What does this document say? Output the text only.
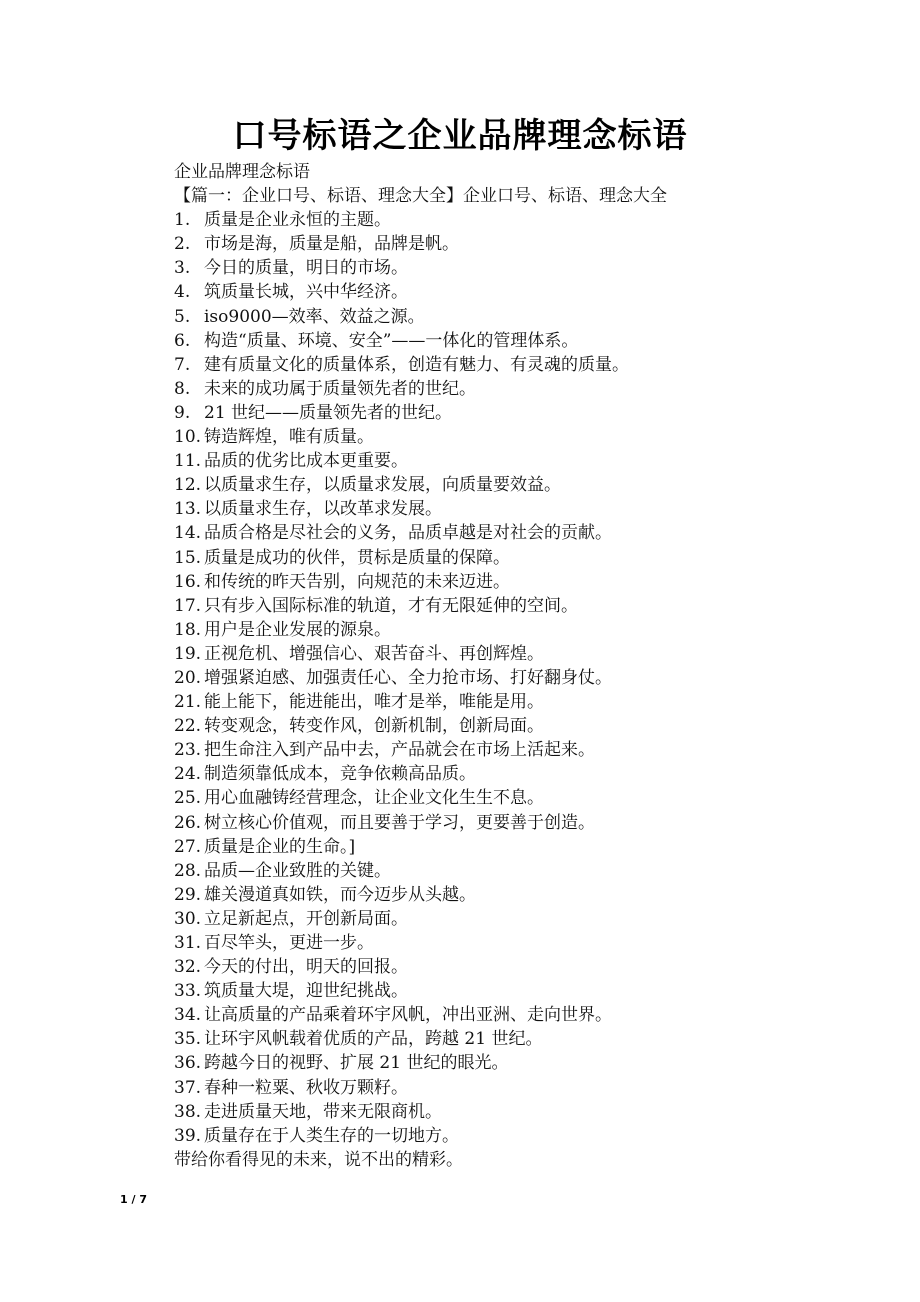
口号标语之企业品牌理念标语
企业品牌理念标语
【篇一：企业口号、标语、理念大全】企业口号、标语、理念大全
1. 质量是企业永恒的主题。
2. 市场是海，质量是船，品牌是帆。
3. 今日的质量，明日的市场。
4. 筑质量长城，兴中华经济。
5. iso9000—效率、效益之源。
6. 构造“质量、环境、安全”——一体化的管理体系。
7. 建有质量文化的质量体系，创造有魅力、有灵魂的质量。
8. 未来的成功属于质量领先者的世纪。
9. 21 世纪——质量领先者的世纪。
10. 铸造辉煌，唯有质量。
11. 品质的优劣比成本更重要。
12. 以质量求生存，以质量求发展，向质量要效益。
13. 以质量求生存，以改革求发展。
14. 品质合格是尽社会的义务，品质卓越是对社会的贡献。
15. 质量是成功的伙伴，贯标是质量的保障。
16. 和传统的昨天告别，向规范的未来迈进。
17. 只有步入国际标准的轨道，才有无限延伸的空间。
18. 用户是企业发展的源泉。
19. 正视危机、增强信心、艰苦奋斗、再创辉煌。
20. 增强紧迫感、加强责任心、全力抢市场、打好翻身仗。
21. 能上能下，能进能出，唯才是举，唯能是用。
22. 转变观念，转变作风，创新机制，创新局面。
23. 把生命注入到产品中去，产品就会在市场上活起来。
24. 制造须靠低成本，竞争依赖高品质。
25. 用心血融铸经营理念，让企业文化生生不息。
26. 树立核心价值观，而且要善于学习，更要善于创造。
27. 质量是企业的生命。]
28. 品质—企业致胜的关键。
29. 雄关漫道真如铁，而今迈步从头越。
30. 立足新起点，开创新局面。
31. 百尽竿头，更进一步。
32. 今天的付出，明天的回报。
33. 筑质量大堤，迎世纪挑战。
34. 让高质量的产品乘着环宇风帆，冲出亚洲、走向世界。
35. 让环宇风帆载着优质的产品，跨越 21 世纪。
36. 跨越今日的视野、扩展 21 世纪的眼光。
37. 春种一粒粟、秋收万颗籽。
38. 走进质量天地，带来无限商机。
39. 质量存在于人类生存的一切地方。
带给你看得见的未来，说不出的精彩。
1 / 7
